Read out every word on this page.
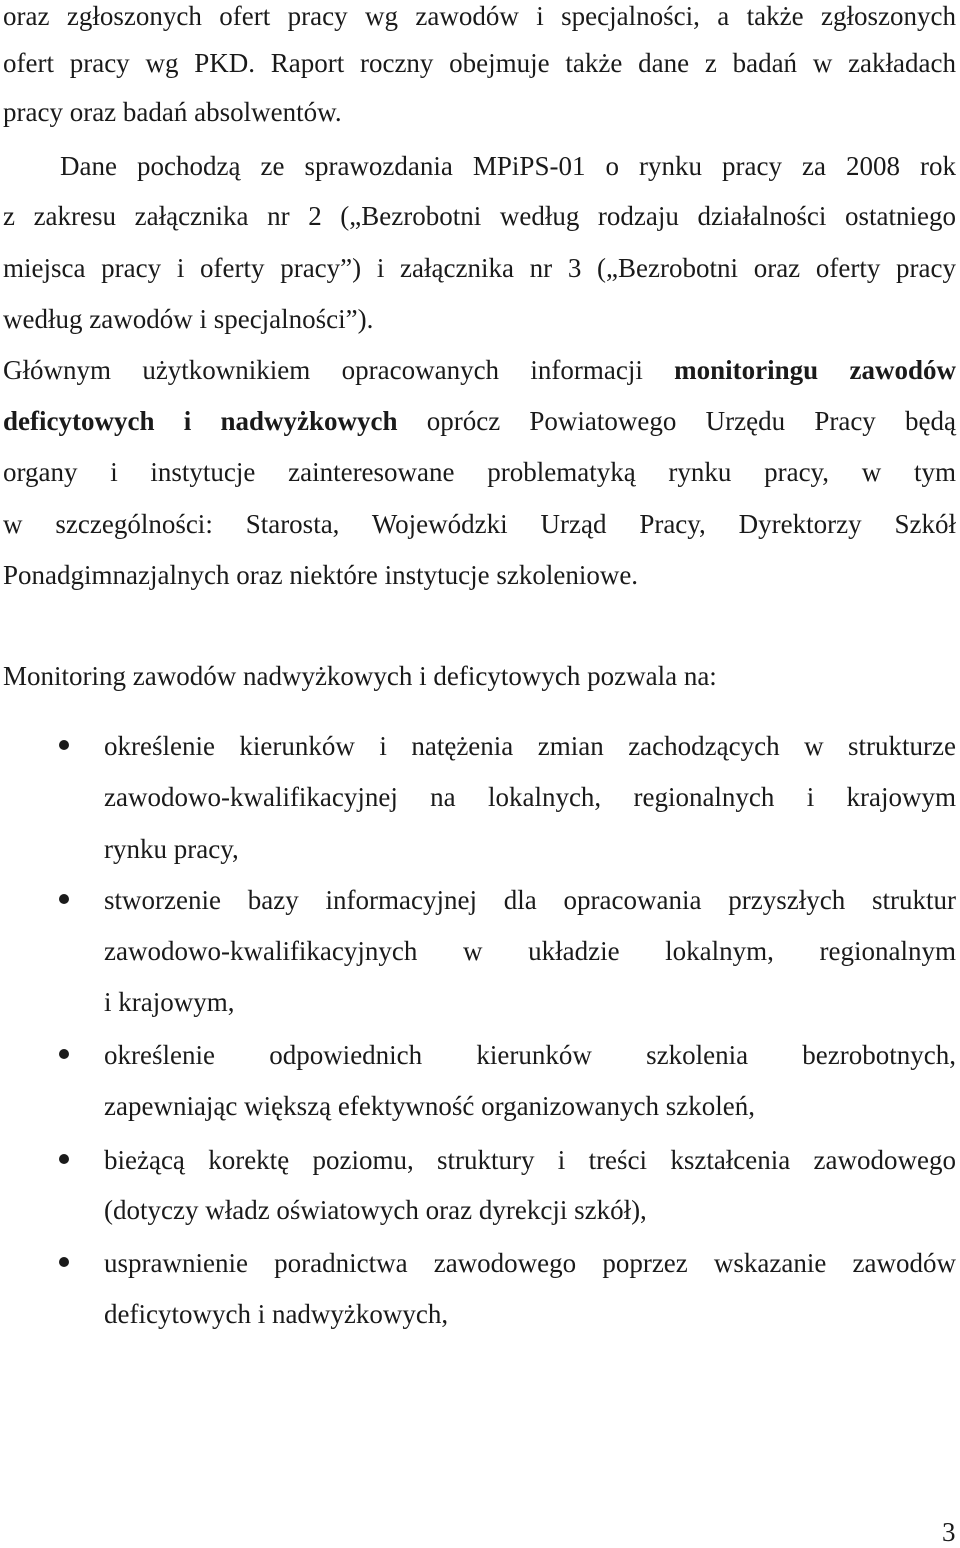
oraz zgłoszonych ofert pracy wg zawodów i specjalności, a także zgłoszonych
ofert pracy wg PKD. Raport roczny obejmuje także dane z badań w zakładach
pracy oraz badań absolwentów.
Dane pochodzą ze sprawozdania MPiPS-01 o rynku pracy za 2008 rok
z zakresu załącznika nr 2 („Bezrobotni według rodzaju działalności ostatniego
miejsca pracy i oferty pracy”) i załącznika nr 3 („Bezrobotni oraz oferty pracy
według zawodów i specjalności”).
Głównym użytkownikiem opracowanych informacji monitoringu zawodów
deficytowych i nadwyżkowych oprócz Powiatowego Urzędu Pracy będą
organy i instytucje zainteresowane problematyką rynku pracy, w tym
w szczególności: Starosta, Wojewódzki Urząd Pracy, Dyrektorzy Szkół
Ponadgimnazjalnych oraz niektóre instytucje szkoleniowe.
Monitoring zawodów nadwyżkowych i deficytowych pozwala na:
określenie kierunków i natężenia zmian zachodzących w strukturze
zawodowo-kwalifikacyjnej na lokalnych, regionalnych i krajowym
rynku pracy,
stworzenie bazy informacyjnej dla opracowania przyszłych struktur
zawodowo-kwalifikacyjnych w układzie lokalnym, regionalnym
i krajowym,
określenie odpowiednich kierunków szkolenia bezrobotnych,
zapewniając większą efektywność organizowanych szkoleń,
bieżącą korektę poziomu, struktury i treści kształcenia zawodowego
(dotyczy władz oświatowych oraz dyrekcji szkół),
usprawnienie poradnictwa zawodowego poprzez wskazanie zawodów
deficytowych i nadwyżkowych,
3
